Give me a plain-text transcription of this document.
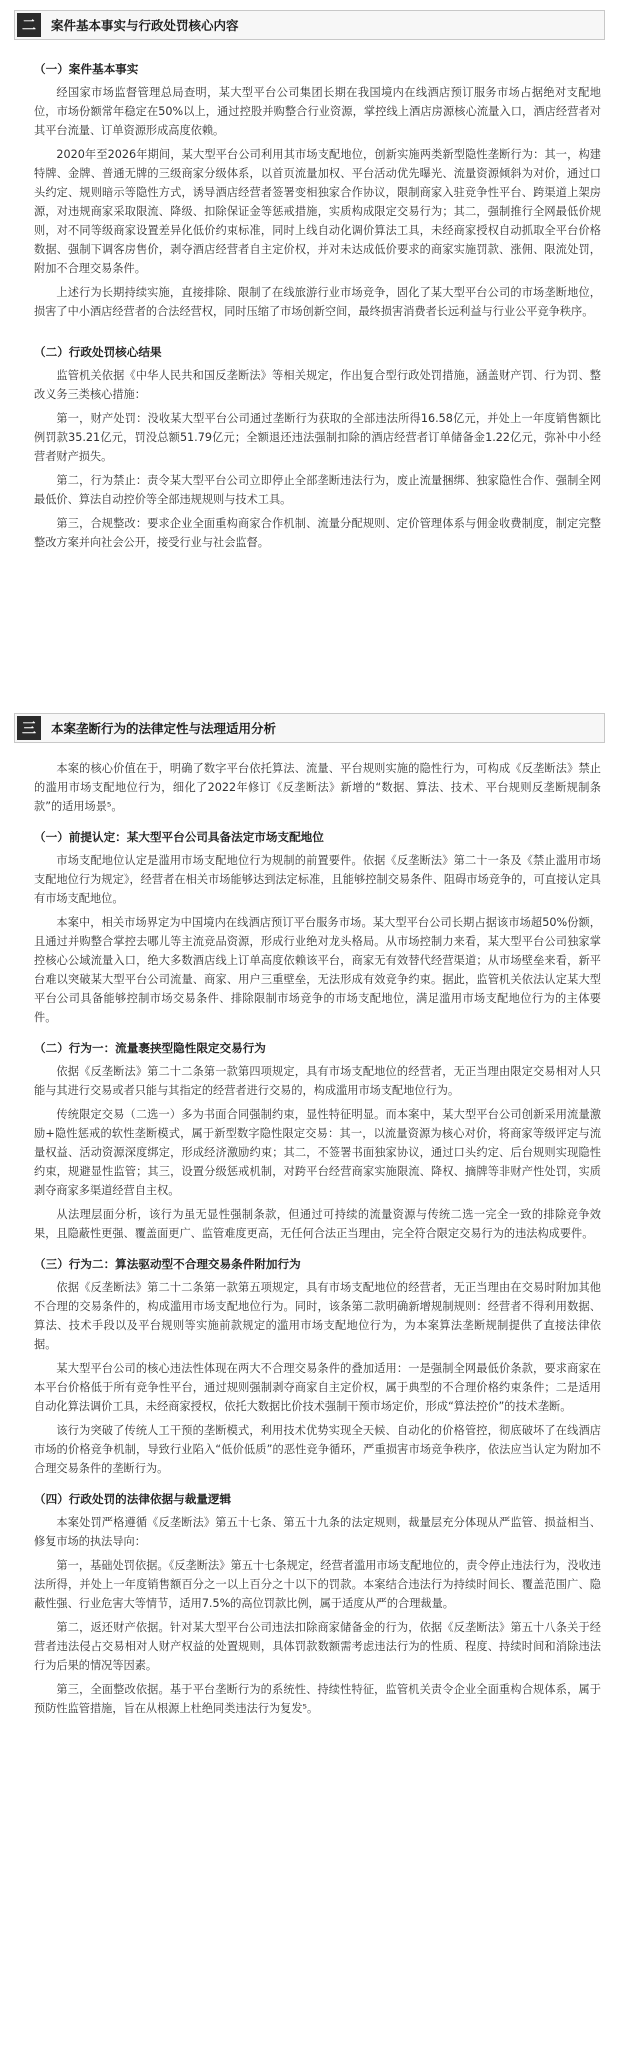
二	案件基本事实与行政处罚核心内容
（一）案件基本事实

经国家市场监督管理总局查明，某大型平台公司集团长期在我国境内在线酒店预订服务市场占据绝对支配地位，市场份额常年稳定在50%以上，通过控股并购整合行业资源，掌控线上酒店房源核心流量入口，酒店经营者对其平台流量、订单资源形成高度依赖。

2020年至2026年期间，某大型平台公司利用其市场支配地位，创新实施两类新型隐性垄断行为：其一，构建特牌、金牌、普通无牌的三级商家分级体系，以首页流量加权、平台活动优先曝光、流量资源倾斜为对价，通过口头约定、规则暗示等隐性方式，诱导酒店经营者签署变相独家合作协议，限制商家入驻竞争性平台、跨渠道上架房源，对违规商家采取限流、降级、扣除保证金等惩戒措施，实质构成限定交易行为；其二，强制推行全网最低价规则，对不同等级商家设置差异化低价约束标准，同时上线自动化调价算法工具，未经商家授权自动抓取全平台价格数据、强制下调客房售价，剥夺酒店经营者自主定价权，并对未达成低价要求的商家实施罚款、涨佣、限流处罚，附加不合理交易条件。

上述行为长期持续实施，直接排除、限制了在线旅游行业市场竞争，固化了某大型平台公司的市场垄断地位，损害了中小酒店经营者的合法经营权，同时压缩了市场创新空间，最终损害消费者长远利益与行业公平竞争秩序。

（二）行政处罚核心结果

监管机关依据《中华人民共和国反垄断法》等相关规定，作出复合型行政处罚措施，涵盖财产罚、行为罚、整改义务三类核心措施：

第一，财产处罚：没收某大型平台公司通过垄断行为获取的全部违法所得16.58亿元，并处上一年度销售额比例罚款35.21亿元，罚没总额51.79亿元；全额退还违法强制扣除的酒店经营者订单储备金1.22亿元，弥补中小经营者财产损失。

第二，行为禁止：责令某大型平台公司立即停止全部垄断违法行为，废止流量捆绑、独家隐性合作、强制全网最低价、算法自动控价等全部违规规则与技术工具。

第三，合规整改：要求企业全面重构商家合作机制、流量分配规则、定价管理体系与佣金收费制度，制定完整整改方案并向社会公开，接受行业与社会监督。

三	本案垄断行为的法律定性与法理适用分析

本案的核心价值在于，明确了数字平台依托算法、流量、平台规则实施的隐性行为，可构成《反垄断法》禁止的滥用市场支配地位行为，细化了2022年修订《反垄断法》新增的“数据、算法、技术、平台规则反垄断规制条款”的适用场景⁵。

（一）前提认定：某大型平台公司具备法定市场支配地位

市场支配地位认定是滥用市场支配地位行为规制的前置要件。依据《反垄断法》第二十一条及《禁止滥用市场支配地位行为规定》，经营者在相关市场能够达到法定标准，且能够控制交易条件、阻碍市场竞争的，可直接认定具有市场支配地位。

本案中，相关市场界定为中国境内在线酒店预订平台服务市场。某大型平台公司长期占据该市场超50%份额，且通过并购整合掌控去哪儿等主流竞品资源，形成行业绝对龙头格局。从市场控制力来看，某大型平台公司独家掌控核心公域流量入口，绝大多数酒店线上订单高度依赖该平台，商家无有效替代经营渠道；从市场壁垒来看，新平台难以突破某大型平台公司流量、商家、用户三重壁垒，无法形成有效竞争约束。据此，监管机关依法认定某大型平台公司具备能够控制市场交易条件、排除限制市场竞争的市场支配地位，满足滥用市场支配地位行为的主体要件。

（二）行为一：流量裹挟型隐性限定交易行为

依据《反垄断法》第二十二条第一款第四项规定，具有市场支配地位的经营者，无正当理由限定交易相对人只能与其进行交易或者只能与其指定的经营者进行交易的，构成滥用市场支配地位行为。

传统限定交易（二选一）多为书面合同强制约束，显性特征明显。而本案中，某大型平台公司创新采用流量激励+隐性惩戒的软性垄断模式，属于新型数字隐性限定交易：其一，以流量资源为核心对价，将商家等级评定与流量权益、活动资源深度绑定，形成经济激励约束；其二，不签署书面独家协议，通过口头约定、后台规则实现隐性约束，规避显性监管；其三，设置分级惩戒机制，对跨平台经营商家实施限流、降权、摘牌等非财产性处罚，实质剥夺商家多渠道经营自主权。

从法理层面分析，该行为虽无显性强制条款，但通过可持续的流量资源与传统二选一完全一致的排除竞争效果，且隐蔽性更强、覆盖面更广、监管难度更高，无任何合法正当理由，完全符合限定交易行为的违法构成要件。

（三）行为二：算法驱动型不合理交易条件附加行为

依据《反垄断法》第二十二条第一款第五项规定，具有市场支配地位的经营者，无正当理由在交易时附加其他不合理的交易条件的，构成滥用市场支配地位行为。同时，该条第二款明确新增规制规则：经营者不得利用数据、算法、技术手段以及平台规则等实施前款规定的滥用市场支配地位行为，为本案算法垄断规制提供了直接法律依据。

某大型平台公司的核心违法性体现在两大不合理交易条件的叠加适用：一是强制全网最低价条款，要求商家在本平台价格低于所有竞争性平台，通过规则强制剥夺商家自主定价权，属于典型的不合理价格约束条件；二是适用自动化算法调价工具，未经商家授权，依托大数据比价技术强制干预市场定价，形成“算法控价”的技术垄断。

该行为突破了传统人工干预的垄断模式，利用技术优势实现全天候、自动化的价格管控，彻底破坏了在线酒店市场的价格竞争机制，导致行业陷入“低价低质”的恶性竞争循环，严重损害市场竞争秩序，依法应当认定为附加不合理交易条件的垄断行为。

（四）行政处罚的法律依据与裁量逻辑

本案处罚严格遵循《反垄断法》第五十七条、第五十九条的法定规则，裁量层充分体现从严监管、损益相当、修复市场的执法导向：

第一，基础处罚依据。《反垄断法》第五十七条规定，经营者滥用市场支配地位的，责令停止违法行为，没收违法所得，并处上一年度销售额百分之一以上百分之十以下的罚款。本案结合违法行为持续时间长、覆盖范围广、隐蔽性强、行业危害大等情节，适用7.5%的高位罚款比例，属于适度从严的合理裁量。

第二，返还财产依据。针对某大型平台公司违法扣除商家储备金的行为，依据《反垄断法》第五十八条关于经营者违法侵占交易相对人财产权益的处置规则，具体罚款数额需考虑违法行为的性质、程度、持续时间和消除违法行为后果的情况等因素。

第三，全面整改依据。基于平台垄断行为的系统性、持续性特征，监管机关责令企业全面重构合规体系，属于预防性监管措施，旨在从根源上杜绝同类违法行为复发⁵。
